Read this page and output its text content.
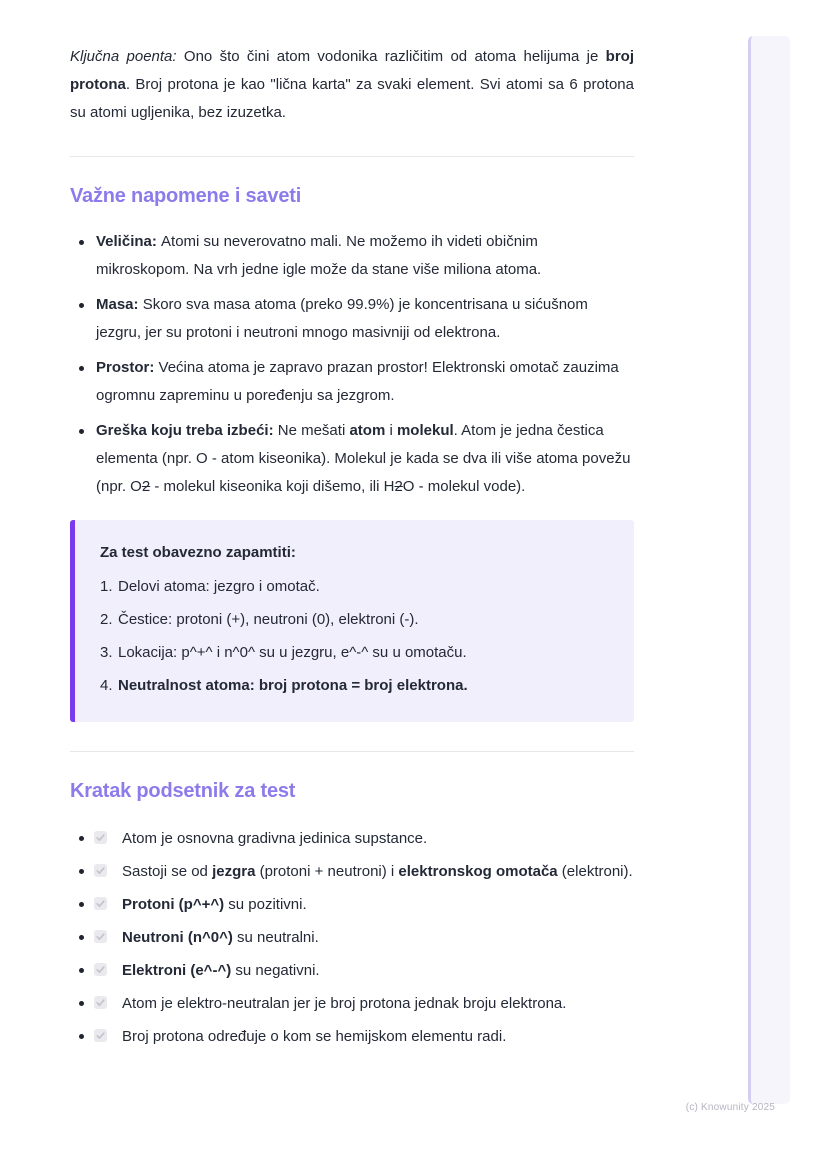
Ključna poenta: Ono što čini atom vodonika različitim od atoma helijuma je broj protona. Broj protona je kao "lična karta" za svaki element. Svi atomi sa 6 protona su atomi ugljenika, bez izuzetka.

Važne napomene i saveti
Veličina: Atomi su neverovatno mali. Ne možemo ih videti običnim mikroskopom. Na vrh jedne igle može da stane više miliona atoma.
Masa: Skoro sva masa atoma (preko 99.9%) je koncentrisana u sićušnom jezgru, jer su protoni i neutroni mnogo masivniji od elektrona.
Prostor: Većina atoma je zapravo prazan prostor! Elektronski omotač zauzima ogromnu zapreminu u poređenju sa jezgrom.
Greška koju treba izbeći: Ne mešati atom i molekul. Atom je jedna čestica elementa (npr. O - atom kiseonika). Molekul je kada se dva ili više atoma povežu (npr. O2 - molekul kiseonika koji dišemo, ili H2O - molekul vode).

Za test obavezno zapamtiti:

1. Delovi atoma: jezgro i omotač.
2. Čestice: protoni (+), neutroni (0), elektroni (-).
3. Lokacija: p^+^ i n^0^ su u jezgru, e^-^ su u omotaču.
4. Neutralnost atoma: broj protona = broj elektrona.
Kratak podsetnik za test
Atom je osnovna gradivna jedinica supstance.
Sastoji se od jezgra (protoni + neutroni) i elektronskog omotača (elektroni).
Protoni (p^+^) su pozitivni.
Neutroni (n^0^) su neutralni.
Elektroni (e^-^) su negativni.
Atom je elektro-neutralan jer je broj protona jednak broju elektrona.
Broj protona određuje o kom se hemijskom elementu radi.
(c) Knowunity 2025
